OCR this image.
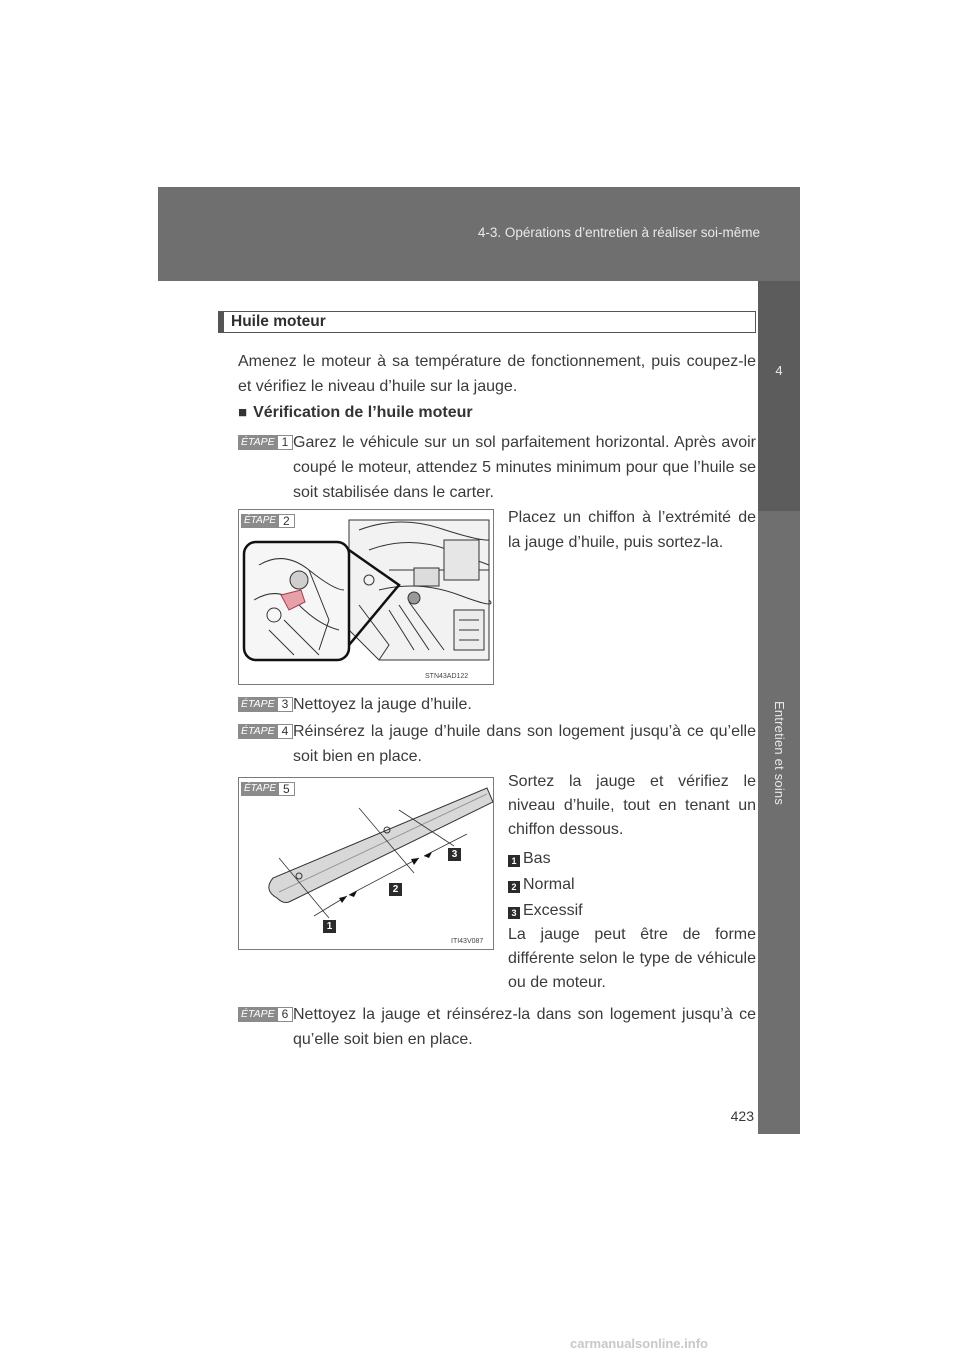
4-3. Opérations d’entretien à réaliser soi-même
4
Entretien et soins
Huile moteur
Amenez le moteur à sa température de fonctionnement, puis coupez-le et vérifiez le niveau d’huile sur la jauge.
■ Vérification de l’huile moteur
ÉTAPE 1 Garez le véhicule sur un sol parfaitement horizontal. Après avoir coupé le moteur, attendez 5 minutes minimum pour que l’huile se soit stabilisée dans le carter.
ÉTAPE 2
STN43AD122
Placez un chiffon à l’extrémité de la jauge d’huile, puis sortez-la.
ÉTAPE 3 Nettoyez la jauge d’huile.
ÉTAPE 4 Réinsérez la jauge d’huile dans son logement jusqu’à ce qu’elle soit bien en place.
ÉTAPE 5
1
2
3
ITI43V087
Sortez la jauge et vérifiez le niveau d’huile, tout en tenant un chiffon dessous.
1 Bas
2 Normal
3 Excessif
La jauge peut être de forme différente selon le type de véhicule ou de moteur.
ÉTAPE 6 Nettoyez la jauge et réinsérez-la dans son logement jusqu’à ce qu’elle soit bien en place.
423
carmanualsonline.info
